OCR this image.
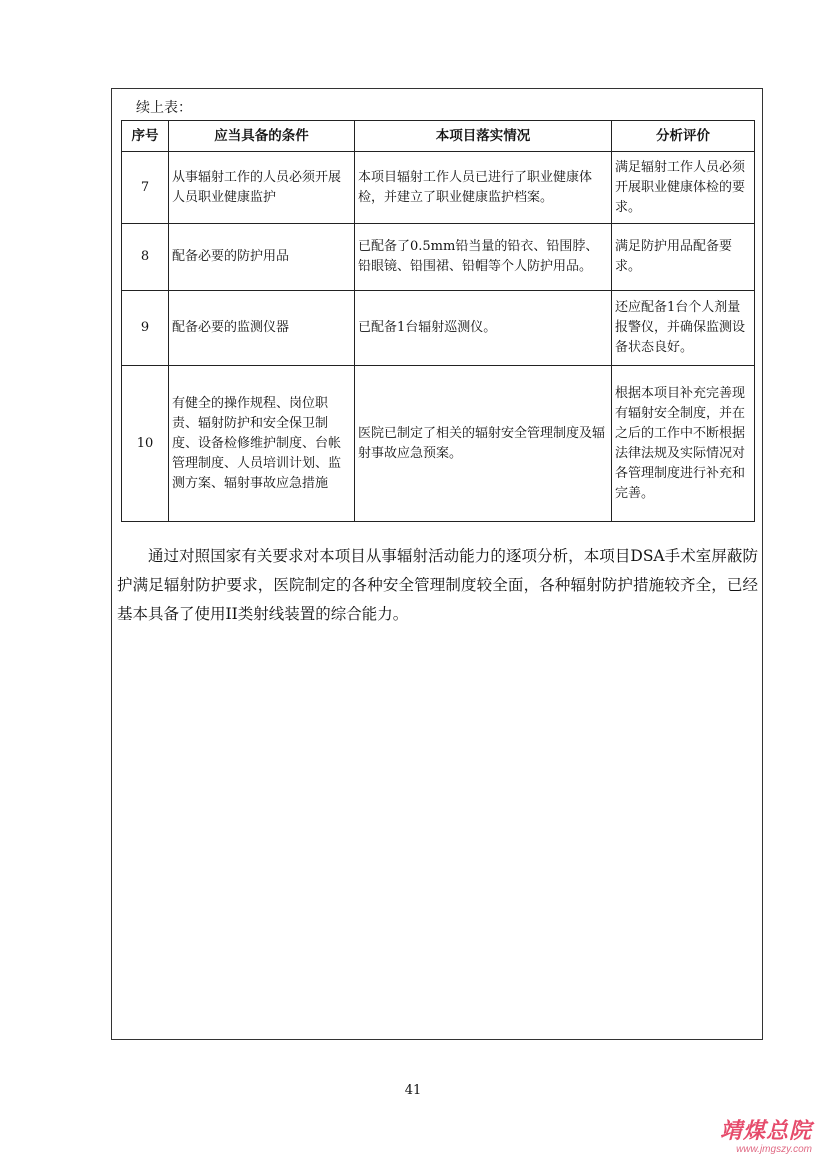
续上表：
序号	应当具备的条件	本项目落实情况	分析评价
7	从事辐射工作的人员必须开展人员职业健康监护	本项目辐射工作人员已进行了职业健康体检，并建立了职业健康监护档案。	满足辐射工作人员必须开展职业健康体检的要求。
8	配备必要的防护用品	已配备了0.5mm铅当量的铅衣、铅围脖、铅眼镜、铅围裙、铅帽等个人防护用品。	满足防护用品配备要求。
9	配备必要的监测仪器	已配备1台辐射巡测仪。	还应配备1台个人剂量报警仪，并确保监测设备状态良好。
10	有健全的操作规程、岗位职责、辐射防护和安全保卫制度、设备检修维护制度、台帐管理制度、人员培训计划、监测方案、辐射事故应急措施	医院已制定了相关的辐射安全管理制度及辐射事故应急预案。	根据本项目补充完善现有辐射安全制度，并在之后的工作中不断根据法律法规及实际情况对各管理制度进行补充和完善。

通过对照国家有关要求对本项目从事辐射活动能力的逐项分析，本项目DSA手术室屏蔽防护满足辐射防护要求，医院制定的各种安全管理制度较全面，各种辐射防护措施较齐全，已经基本具备了使用II类射线装置的综合能力。

41
靖煤总院
www.jmgszy.com
